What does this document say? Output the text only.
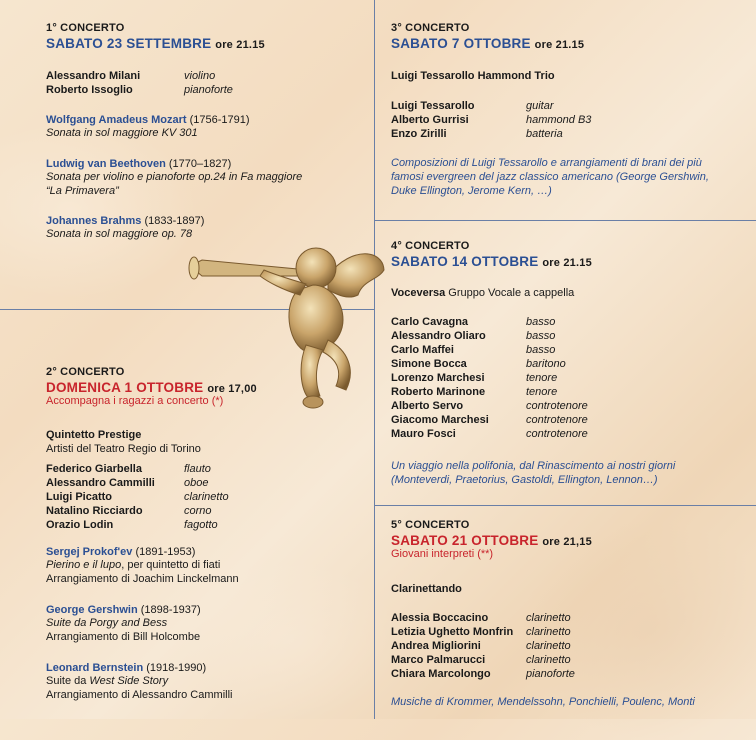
1° CONCERTO
SABATO 23 SETTEMBRE ore 21.15
Alessandro Milani	violino
Roberto Issoglio	pianoforte
Wolfgang Amadeus Mozart (1756-1791)
Sonata in sol maggiore KV 301
Ludwig van Beethoven (1770–1827)
Sonata per violino e pianoforte op.24 in Fa maggiore
“La Primavera”
Johannes Brahms (1833-1897)
Sonata in sol maggiore op. 78
2° CONCERTO
DOMENICA 1 OTTOBRE ore 17,00
Accompagna i ragazzi a concerto (*)
Quintetto Prestige
Artisti del Teatro Regio di Torino
Federico Giarbella	flauto
Alessandro Cammilli	oboe
Luigi Picatto	clarinetto
Natalino Ricciardo	corno
Orazio Lodin	fagotto
Sergej Prokof'ev (1891-1953)
Pierino e il lupo, per quintetto di fiati
Arrangiamento di Joachim Linckelmann
George Gershwin (1898-1937)
Suite da Porgy and Bess
Arrangiamento di Bill Holcombe
Leonard Bernstein (1918-1990)
Suite da West Side Story
Arrangiamento di Alessandro Cammilli
3° CONCERTO
SABATO 7 OTTOBRE ore 21.15
Luigi Tessarollo Hammond Trio
Luigi Tessarollo	guitar
Alberto Gurrisi	hammond B3
Enzo Zirilli	batteria
Composizioni di Luigi Tessarollo e arrangiamenti di brani dei più
famosi evergreen del jazz classico americano (George Gershwin,
Duke Ellington, Jerome Kern, …)
4° CONCERTO
SABATO 14 OTTOBRE ore 21.15
Voceversa Gruppo Vocale a cappella
Carlo Cavagna	basso
Alessandro Oliaro	basso
Carlo Maffei	basso
Simone Bocca	baritono
Lorenzo Marchesi	tenore
Roberto Marinone	tenore
Alberto Servo	controtenore
Giacomo Marchesi	controtenore
Mauro Fosci	controtenore
Un viaggio nella polifonia, dal Rinascimento ai nostri giorni
(Monteverdi, Praetorius, Gastoldi, Ellington, Lennon…)
5° CONCERTO
SABATO 21 OTTOBRE ore 21,15
Giovani interpreti (**)
Clarinettando
Alessia Boccacino	clarinetto
Letizia Ughetto Monfrin clarinetto
Andrea Migliorini	clarinetto
Marco Palmarucci	clarinetto
Chiara Marcolongo	pianoforte
Musiche di Krommer, Mendelssohn, Ponchielli, Poulenc, Monti
